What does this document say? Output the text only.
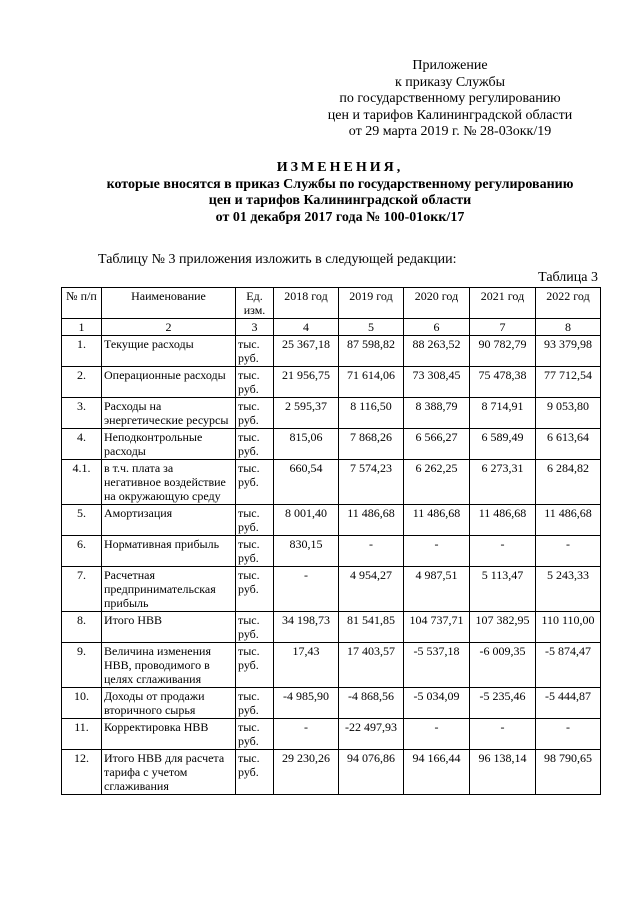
Приложение
к приказу Службы
по государственному регулированию
цен и тарифов Калининградской области
от 29 марта 2019 г. № 28-03окк/19
ИЗМЕНЕНИЯ,
которые вносятся в приказ Службы по государственному регулированию
цен и тарифов Калининградской области
от 01 декабря 2017 года № 100-01окк/17
Таблицу № 3 приложения изложить в следующей редакции:
Таблица 3
№ п/п	Наименование	Ед. изм.	2018 год	2019 год	2020 год	2021 год	2022 год
1	2	3	4	5	6	7	8
1.	Текущие расходы	тыс. руб.	25 367,18	87 598,82	88 263,52	90 782,79	93 379,98
2.	Операционные расходы	тыс. руб.	21 956,75	71 614,06	73 308,45	75 478,38	77 712,54
3.	Расходы на энергетические ресурсы	тыс. руб.	2 595,37	8 116,50	8 388,79	8 714,91	9 053,80
4.	Неподконтрольные расходы	тыс. руб.	815,06	7 868,26	6 566,27	6 589,49	6 613,64
4.1.	в т.ч. плата за негативное воздействие на окружающую среду	тыс. руб.	660,54	7 574,23	6 262,25	6 273,31	6 284,82
5.	Амортизация	тыс. руб.	8 001,40	11 486,68	11 486,68	11 486,68	11 486,68
6.	Нормативная прибыль	тыс. руб.	830,15	-	-	-	-
7.	Расчетная предпринимательская прибыль	тыс. руб.	-	4 954,27	4 987,51	5 113,47	5 243,33
8.	Итого НВВ	тыс. руб.	34 198,73	81 541,85	104 737,71	107 382,95	110 110,00
9.	Величина изменения НВВ, проводимого в целях сглаживания	тыс. руб.	17,43	17 403,57	-5 537,18	-6 009,35	-5 874,47
10.	Доходы от продажи вторичного сырья	тыс. руб.	-4 985,90	-4 868,56	-5 034,09	-5 235,46	-5 444,87
11.	Корректировка НВВ	тыс. руб.	-	-22 497,93	-	-	-
12.	Итого НВВ для расчета тарифа с учетом сглаживания	тыс. руб.	29 230,26	94 076,86	94 166,44	96 138,14	98 790,65
